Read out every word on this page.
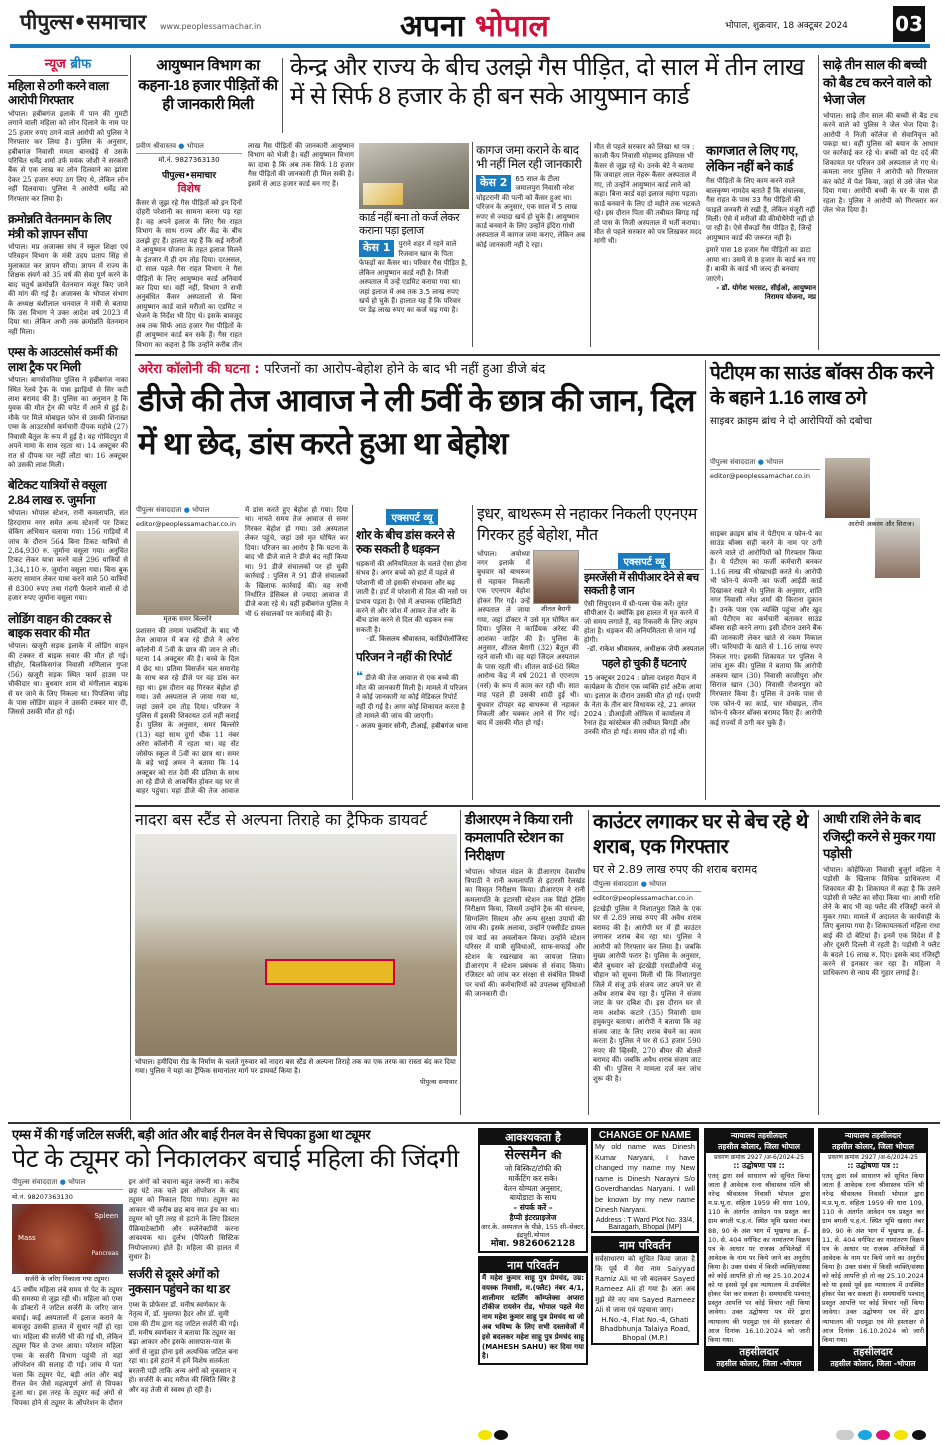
पीपुल्स•समाचार www.peoplessamachar.in	अपना भोपाल	भोपाल, शुक्रवार, 18 अक्टूबर 2024 03
न्यूज ब्रीफ
महिला से ठगी करने वाला आरोपी गिरफ्तार
भोपाल। हबीबगंज इलाके में पान की गुमटी लगाने वाली महिला को लोन दिलाने के नाम पर 25 हजार रुपए ठगने वाले आरोपी को पुलिस ने गिरफ्तार कर लिया है। पुलिस के अनुसार, हबीबगंज निवासी ममता बानखेड़े से उसके परिचित धर्मेंद्र शर्मा उर्फ मयंक जोशी ने सरकारी बैंक से एक लाख का लोन दिलवाने का झांसा देकर 25 हजार रुपए ठग लिए थे, लेकिन लोन नहीं दिलवाया। पुलिस ने आरोपी धर्मेंद्र को गिरफ्तार कर लिया है।
क्रमोन्नति वेतनमान के लिए मंत्री को ज्ञापन सौंपा
भोपाल। मप्र अजाक्स संघ ने स्कूल शिक्षा एवं परिवहन विभाग के मंत्री उदय प्रताप सिंह से मुलाकात कर ज्ञापन सौंपा। ज्ञापन में राज्य के शिक्षक संवर्ग को 35 वर्ष की सेवा पूर्ण करने के बाद चतुर्थ क्रमोन्नति वेतनमान मंजूर किए जाने की मांग की गई है। अजाक्स के भोपाल संभाग के अध्यक्ष बंशीलाल धनवाल ने मंत्री से बताया कि उस विभाग ने उक्त आदेश वर्ष 2023 में दिया था। लेकिन अभी तक क्रमोन्नति वेतनमान नहीं मिला।
एम्स के आउटसोर्स कर्मी की लाश ट्रैक पर मिली
भोपाल। बागसेवनिया पुलिस ने हबीबगंज नाका स्थित रेलवे ट्रैक के पास झाड़ियों से सिर कटी लाश बरामद की है। पुलिस का अनुमान है कि युवक की मौत ट्रेन की चपेट में आने से हुई है। मौके पर मिले मोबाइल फोन से उसकी शिनाख्त एम्स के आउटसोर्स कर्मचारी दीपक महोबे (27) निवासी बैतूल के रूप में हुई है। वह गोविंदपुरा में अपने मामा के साथ रहता था। 14 अक्टूबर की रात से दीपक घर नहीं लौटा था। 16 अक्टूबर को उसकी लाश मिली।
बेटिकट यात्रियों से वसूला 2.84 लाख रु. जुर्माना
भोपाल। भोपाल स्टेशन, रानी कमलापति, संत हिरदाराम नगर समेत अन्य स्टेशनों पर टिकट चेकिंग अभियान चलाया गया। 156 गाड़ियों में जांच के दौरान 564 बिना टिकट यात्रियों से 2,84,930 रु. जुर्माना वसूला गया। अनुचित टिकट लेकर यात्रा करने वाले 296 यात्रियों से 1,34,110 रु. जुर्माना वसूला गया। बिना बुक कराए सामान लेकर यात्रा करने वाले 50 यात्रियों से 8300 रुपए तथा गंदगी फैलाने वालों से दो हजार रुपए जुर्माना वसूला गया।
लोडिंग वाहन की टक्कर से बाइक सवार की मौत
भोपाल। खजूरी सड़क इलाके में लोडिंग वाहन की टक्कर से बाइक सवार की मौत हो गई। सीहोर, बिलकिसगंज निवासी मणिलाल गुप्ता (56) खजूरी सड़क स्थित फार्म हाउस पर चौकीदार था। बुधवार शाम वो मंगीलाल बाइक से घर जाने के लिए निकला था। पिपलिया जोड़ के पास लोडिंग वाहन ने उसकी टक्कर मार दी, जिससे उसकी मौत हो गई।
आयुष्मान विभाग का कहना-18 हजार पीड़ितों की ही जानकारी मिली
केन्द्र और राज्य के बीच उलझे गैस पीड़ित, दो साल में तीन लाख में से सिर्फ 8 हजार के ही बन सके आयुष्मान कार्ड
प्रवीण श्रीवास्तव ● भोपाल
मो.नं. 9827363130
पीपुल्स•समाचार
विशेष
कैंसर से जूझ रहे गैस पीड़ितों को इन दिनों दोहरी परेशानी का सामना करना पड़ रहा है। वह अपने इलाज के लिए गैस राहत विभाग के साथ राज्य और केंद्र के बीच उलझे हुए हैं। हालात यह हैं कि कई मरीजों ने आयुष्मान योजना के तहत इलाज मिलने के इंतजार में ही दम तोड़ दिया। दरअसल, दो साल पहले गैस राहत विभाग ने गैस पीड़ितों के लिए आयुष्मान कार्ड अनिवार्य कर दिया था। वहीं नहीं, विभाग ने सभी अनुबंधित कैंसर अस्पतालों से बिना आयुष्मान कार्ड वाले मरीजों का एडमिट न भेजने के निर्देश भी दिए थे। इसके बावजूद अब तक सिर्फ आठ हजार गैस पीड़ितों के ही आयुष्मान कार्ड बन सके हैं। गैस राहत विभाग का कहना है कि उन्होंने करीब तीन लाख गैस पीड़ितों की जानकारी आयुष्मान विभाग को भेजी है। वहीं आयुष्मान विभाग का दावा है कि अब तक सिर्फ 18 हजार गैस पीड़ितों की जानकारी ही मिल सकी है। इसमें से आठ हजार कार्ड बन गए हैं।
कार्ड नहीं बना तो कर्ज लेकर कराना पड़ा इलाज
केस 1	पुराने शहर में रहने वाले रिजवान खान के पिता फेफड़ों का कैंसर था। परिवार गैस पीड़ित है, लेकिन आयुष्मान कार्ड नहीं है। निजी अस्पताल में उन्हें एडमिट कराया गया था। जहां इलाज में अब तक 3.5 लाख रुपए खर्च हो चुके हैं। हालात यह हैं कि परिवार पर डेढ़ लाख रुपए का कर्ज चढ़ गया है।
कागज जमा कराने के बाद भी नहीं मिल रही जानकारी
केस 2	65 साल के टीला जमालपुरा निवासी नरेश चोइटरानी की पत्नी को कैंसर हुआ था। परिजन के अनुसार, एक साल में 5 लाख रुपए से ज्यादा खर्च हो चुके हैं। आयुष्मान कार्ड बनवाने के लिए उन्होंने इंदिरा गांधी अस्पताल में कागज जमा कराए, लेकिन अब कोई जानकारी नहीं दे रहा।
मौत से पहले सरकार को लिखा था पत्र : काजी कैंप निवासी मोहम्मद इलियास भी कैंसर से जूझ रहे थे। उनके बेटे ने बताया कि जवाहर लाल नेहरू कैंसर अस्पताल में गए, तो उन्होंने आयुष्मान कार्ड लाने को कहा। बिना कार्ड वहां इलाज महंगा पड़ता। कार्ड बनवाने के लिए दो महीने तक भटकते रहे। इस दौरान पिता की तबीयत बिगड़ गई तो पास के निजी अस्पताल में भर्ती कराया। मौत से पहले सरकार को पत्र लिखकर मदद मांगी थी।
कागजात ले लिए गए, लेकिन नहीं बने कार्ड
गैस पीड़ितों के लिए काम करने वाले बालकृष्ण नामदेव बताते हैं कि संचालक, गैस राहत के पास 33 गैस पीड़ितों की फाइलें जनवरी से रखी हैं, लेकिन मंजूरी नहीं मिली। ऐसे में मरीजों की कीमोथैरेपी नहीं हो पा रही है। ऐसे सैकड़ों गैस पीड़ित हैं, जिन्हें आयुष्मान कार्ड की जरूरत नहीं है।
इमारे पास 18 हजार गैस पीड़ितों का डाटा आया था। उसमें से 8 हजार के कार्ड बन गए हैं। बाकी के कार्ड भी जल्द ही बनवाए जाएंगे।
- डॉ. योगेश भरसट, सीईओ, आयुष्मान निरामय योजना, मप्र
साढ़े तीन साल की बच्ची को बैड टच करने वाले को भेजा जेल
भोपाल। साढ़े तीन साल की बच्ची से बैड टच करने वाले को पुलिस ने जेल भेज दिया है। आरोपी ने निजी कॉलेज से सेवानिवृत्त को पकड़ा था। वहीं पुलिस को बयान के आधार पर कार्रवाई कर रहे थे। बच्ची को पेट दर्द की शिकायत पर परिजन उसे अस्पताल ले गए थे। कमला नगर पुलिस ने आरोपी को गिरफ्तार कर कोर्ट में पेश किया, जहां से उसे जेल भेज दिया गया। आरोपी बच्ची के घर के पास ही रहता है। पुलिस ने आरोपी को गिरफ्तार कर जेल भेज दिया है।
अरेरा कॉलोनी की घटना : परिजनों का आरोप-बेहोश होने के बाद भी नहीं हुआ डीजे बंद
डीजे की तेज आवाज ने ली 5वीं के छात्र की जान, दिल में था छेद, डांस करते हुआ था बेहोश
पीपुल्स संवाददाता ● भोपाल
editor@peoplessamachar.co.in
मृतक समर बिल्लोरे
प्रशासन की तमाम पाबंदियों के बाद भी तेज आवाज में बज रहे डीजे ने अरेरा कॉलोनी में 5वीं के छात्र की जान ले ली। घटना 14 अक्टूबर की है। बच्चे के दिल में छेद था। प्रतिमा विसर्जन चल समारोह के साथ बज रहे डीजे पर वह डांस कर रहा था। इस दौरान वह गिरकर बेहोश हो गया। उसे अस्पताल ले जाया गया था, जहां उसने दम तोड़ दिया। परिजन ने पुलिस में इसकी शिकायत दर्ज नहीं कराई है। पुलिस के अनुसार, समर बिल्लोरे (13) यहां साथ दुर्गा चौक 11 नंबर अरेरा कॉलोनी में रहता था। वह सेंट जोसेफ स्कूल में 5वीं का छात्र था। समर के बड़े भाई अमन ने बताया कि 14 अक्टूबर को रात देवी की प्रतिमा के साथ आ रहे डीजे से आकर्षित होकर वह घर से बाहर पहुंचा। यहां डीजे की तेज आवाज में डांस करते हुए बेहोश हो गया। दिया था। नाचते समय तेज आवाज से समर गिरकर बेहोश हो गया। उसे अस्पताल लेकर पहुंचे, जहां उसे मृत घोषित कर दिया। परिजन का आरोप है कि घटना के बाद भी डीजे वाले ने डीजे बंद नहीं किया था। 91 डीजे संचालकों पर हो चुकी कार्रवाई : पुलिस ने 91 डीजे संचालकों के खिलाफ कार्रवाई की। वह सभी निर्धारित डेसिबल से ज्यादा आवाज में डीजे बजा रहे थे। वहीं हबीबगंज पुलिस ने भी 6 संचालकों पर कार्रवाई की है।
एक्सपर्ट व्यू
शोर के बीच डांस करने से रुक सकती है धड़कन
धड़कनों की अनियमितता के चलते ऐसा होना संभव है। अगर बच्चे को हार्ट में पहले से परेशानी थी तो इसकी संभावना और बढ़ जाती है। हार्ट में परेशानी से दिल की नसों पर प्रभाव पड़ता है। ऐसे में अचानक एक्टिविटी करने से और जोश में आकर तेज शोर के बीच डांस करने से दिल की धड़कन रुक सकती है।
-डॉ. किसलय श्रीवास्तव, कार्डियोलॉजिस्ट
परिजन ने नहीं की रिपोर्ट
❝ डीजे की तेज आवाज से एक बच्चे की मौत की जानकारी मिली है। मामले में परिजन ने कोई जानकारी या कोई मेडिकल रिपोर्ट नहीं दी गई है। अगर कोई शिकायत करता है तो मामले की जांच की जाएगी।
- अजय कुमार सोनी, टीआई, हबीबगंज थाना
इधर, बाथरूम से नहाकर निकली एएनएम गिरकर हुई बेहोश, मौत
शीतल बैरागी
भोपाल। अयोध्या नगर इलाके में बुधवार को बाथरूम से नहाकर निकली एक एएनएम बेहोश होकर गिर गई। उन्हें अस्पताल ले जाया गया, जहां डॉक्टर ने उसे मृत घोषित कर दिया। पुलिस ने कार्डियक अरेस्ट की आशंका जाहिर की है। पुलिस के अनुसार, शीतल बैरागी (32) बैतूल की रहने वाली थी। वह यहां जिंदल अस्पताल के पास रहती थी। शीतल वार्ड-68 स्थित आरोग्य केंद्र में वर्ष 2021 से एएनएम (नर्स) के रूप में काम कर रही थीं। सात माह पहले ही उसकी शादी हुई थी। बुधवार दोपहर वह बाथरूम से नहाकर निकली और चक्कर आने से गिर गई। बाद में उसकी मौत हो गई।
एक्सपर्ट व्यू
इमरजेंसी में सीपीआर देने से बच सकती है जान
ऐसी सिचुएशन में थ्री-पल्स चेक करें। तुरंत सीपीआर दें। क्योंकि इस हालत में मृत करने में जो समय लगाते हैं, वह रिकवरी के लिए अहम होता है। धड़कन की अनियमितता से जान गई होगी।
-डॉ. राकेश श्रीवास्तव, अधीक्षक जेपी अस्पताल
पहले हो चुकी हैं घटनाएं
15 अक्टूबर 2024 : छोला दशहरा मैदान में कार्यक्रम के दौरान एक व्यक्ति हार्ट अटैक आया था। इलाज के दौरान उसकी मौत हो गई। एमपी के नेता के तीन बार विधायक रहे, 21 अगस्त 2024 : डीआईजी ऑफिस में कार्यालय में रैनात हेड कांस्टेबल की तबीयत बिगड़ी और उनकी मौत हो गई। समय मौत हो गई थी।
पेटीएम का साउंड बॉक्स ठीक करने के बहाने 1.16 लाख ठगे
साइबर क्राइम ब्रांच ने दो आरोपियों को दबोचा
पीपुल्स संवाददाता ● भोपाल
editor@peoplessamachar.co.in
आरोपी अकरम और सिराज।
साइबर क्राइम ब्रांच ने पेटीएम व फोन-पे का साउंड बॉक्स सही करने के नाम पर ठगी करने वाले दो आरोपियों को गिरफ्तार किया है। ये पेटीएम का फर्जी कर्मचारी बनकर 1.16 लाख की धोखाधड़ी करते थे। आरोपी भी फोन-पे कंपनी का फर्जी आईडी कार्ड दिखाकर रखते थे। पुलिस के अनुसार, शांति नगर निवासी नरेश शर्मा की किराना दुकान है। उनके पास एक व्यक्ति पहुंचा और खुद को पेटीएम का कर्मचारी बताकर साउंड बॉक्स सही करने लगा। इसी दौरान उसने बैंक की जानकारी लेकर खाते से रकम निकाल ली। फरियादी के खाते से 1.16 लाख रुपए निकल गए। इसकी शिकायत पर पुलिस ने जांच शुरू की। पुलिस ने बताया कि आरोपी अकरम खान (30) निवासी काजीपुरा और सिराज खान (30) निवासी रोशनपुरा को गिरफ्तार किया है। पुलिस ने उनके पास से एक फोन-पे का कार्ड, चार मोबाइल, तीन फोन-पे स्कैनर बॉक्स बरामद किए हैं। आरोपी कई राज्यों में ठगी कर चुके हैं।
नादरा बस स्टैंड से अल्पना तिराहे का ट्रैफिक डायवर्ट
भोपाल। हमीदिया रोड के निर्माण के चलते गुरुवार को नादरा बस स्टैंड से अल्पना तिराहे तक का एक तरफ का रास्ता बंद कर दिया गया। पुलिस ने यहां का ट्रैफिक समानांतर मार्ग पर डायवर्ट किया है।
पीपुल्स समाचार
डीआरएम ने किया रानी कमलापति स्टेशन का निरीक्षण
भोपाल। भोपाल मंडल के डीआरएम देवाशीष त्रिपाठी ने रानी कमलापति से इटारसी रेलखंड का विस्तृत निरीक्षण किया। डीआरएम ने रानी कमलापति के इटारसी स्टेशन तक विंडो ट्रेलिंग निरीक्षण किया, जिसमें उन्होंने ट्रैक की संरचना, सिग्नलिंग सिस्टम और अन्य सुरक्षा उपायों की जांच की। इसके अलावा, उन्होंने एक्सीडेंट डायल एवं यार्ड का अवलोकन किया। उन्होंने स्टेशन परिसर में यात्री सुविधाओं, साफ-सफाई और स्टेशन के रखरखाव का जायजा लिया। डीआरएम ने स्टेशन प्रबंधक से संवाद किया। रजिस्टर को जांच कर संरक्षा से संबंधित विषयों पर चर्चा की। कर्मचारियों को उपलब्ध सुविधाओं की जानकारी दी।
काउंटर लगाकर घर से बेच रहे थे शराब, एक गिरफ्तार
घर से 2.89 लाख रुपए की शराब बरामद
पीपुल्स संवाददाता ● भोपाल
editor@peoplessamachar.co.in
इंटखेड़ी पुलिस ने निशातपुरा जिले के एक घर से 2.89 लाख रुपए की अवैध शराब बरामद की है। आरोपी घर में ही काउंटर लगाकर शराब बेच रहा था। पुलिस ने आरोपी को गिरफ्तार कर लिया है। जबकि मुख्य आरोपी फरार है। पुलिस के अनुसार, बीते बुधवार को इंटखेड़ी एसडीओपी मंजू चौहान को सूचना मिली थी कि निशातपुरा जिले में संजू उर्फ संजय जाट अपने घर से अवैध शराब बेच रहा है। पुलिस ने संजय जाट के घर दबिश दी। इस दौरान घर से नाम अशोक कटारे (35) निवासी ग्राम हमुकपुर बताया। आरोपी ने बताया कि वह संजय जाट के लिए शराब बेचने का काम करता है। पुलिस ने घर से 63 हजार 590 रुपए की व्हिस्की, 270 बीयर की बोतलें बरामद कीं। जबकि अवैध शराब संजय जाट की थी। पुलिस ने मामला दर्ज कर जांच शुरू की है।
आधी राशि लेने के बाद रजिस्ट्री करने से मुकर गया पड़ोसी
भोपाल। कोहेफिजा निवासी बुजुर्ग महिला ने पड़ोसी के खिलाफ विधिक प्राधिकरण में शिकायत की है। शिकायत में कहा है कि उसने पड़ोसी से फ्लैट का सौदा किया था। आधी राशि लेने के बाद भी वह फ्लैट की रजिस्ट्री करने से मुकर गया। मामले में अदालत के कार्यवाही के लिए बुलाया गया है। शिकायतकर्ता महिला राधा बाई की दो बेटियां हैं। इनमें एक विदेश में है और दूसरी दिल्ली में रहती है। पड़ोसी ने फ्लैट के बदले 16 लाख रु. दिए। इसके बाद रजिस्ट्री करने से इनकार कर रहा है। महिला ने प्राधिकरण से न्याय की गुहार लगाई है।
एम्स में की गई जटिल सर्जरी, बड़ी आंत और बाई रीनल वेन से चिपका हुआ था ट्यूमर
पेट के ट्यूमर को निकालकर बचाई महिला की जिंदगी
पीपुल्स संवाददाता ● भोपाल
मो.नं. 98207363130
Mass
Spleen
Pancreas
सर्जरी के जरिए निकाला गया ट्यूमर।
45 वर्षीय महिला लंबे समय से पेट के ट्यूमर की समस्या से जूझ रही थी। महिला को एम्स के डॉक्टरों ने जटिल सर्जरी के जरिए जान बचाई। कई अस्पतालों में इलाज कराने के बावजूद उसकी हालत में सुधार नहीं हो रहा था। महिला की सर्जरी भी की गई थी, लेकिन ट्यूमर फिर से उभर आया। परेशान महिला एम्स के सर्जरी विभाग पहुंची तो यहां ऑपरेशन की सलाह दी गई। जांच में पता चला कि ट्यूमर पेट, बड़ी आंत और बाई रीनल वेन जैसे महत्वपूर्ण अंगों से चिपका हुआ था। इस तरह के ट्यूमर कई अंगों से चिपका होने से ट्यूमर के ऑपरेशन के दौरान इन अंगों को बचाना बहुत जरूरी था। करीब छह घंटे तक चले इस ऑपरेशन के बाद ट्यूमर को निकाल दिया गया। ट्यूमर का आकार भी करीब छह बाय सात इंच का था। ट्यूमर को पूरी तरह से हटाने के लिए डिस्टल पैंक्रियाटेक्टॉमी और स्प्लेनेक्टॉमी करना आवश्यक था। दुर्लभ (पैपिलरी सिस्टिक नियोप्लाज्म) होते हैं। महिला की हालत में सुधार है।
सर्जरी से दूसरे अंगों को नुकसान पहुंचने का था डर
एम्स के प्रोफेसर डॉ. मनीष स्वर्णकार के नेतृत्व में, डॉ. मुस्तफा हैदर और डॉ. सुमी दास की टीम द्वारा यह जटिल सर्जरी की गई। डॉ. मनीष स्वर्णकार ने बताया कि ट्यूमर का बढ़ा आकार और इसके आसपास-पास के अंगों से जुड़ा होना इसे अत्यधिक जटिल बना रहा था। इसे हटाने में हमें विशेष सतर्कता बरतनी पड़ी ताकि अन्य अंगों को नुकसान न हो। सर्जरी के बाद मरीज की स्थिति स्थिर है और वह तेजी से स्वस्थ हो रही है।
आवश्यकता है
सेल्समैन की
जो बिस्किट/टॉफी की
मार्केटिंग कर सके।
वेतन योग्यता अनुसार,
बायोडाटा के साथ
– संपर्क करें –
हैप्पी इंटरप्राइजेज
आर.के. अस्पताल के पीछे, 155 सी–सेक्टर, इंद्रपुरी,भोपाल
मोबा. 9826062128
नाम परिवर्तन
मैं महेश कुमार साहू पुत्र प्रेमचंद, उम्र: वयस्क निवासी, म.(फ्लैट) नंबर 4/1, शालीमार स्टर्लिंग कॉम्प्लेक्स अप्सरा टॉकीज रायसेन रोड, भोपाल पहले मेरा नाम महेश कुमार साहू पुत्र प्रेमचंद था जो अब भविष्य के लिए सभी दस्तावेजों में इसे बदलकर महेश साहू पुत्र प्रेमचंद साहू (MAHESH SAHU) कर दिया गया है।
CHANGE OF NAME
My old name was Dinesh Kumar Naryani, I have changed my name my New name is Dinesh Narayni S/o Goverdhandas Naryani. I will be known by my new name Dinesh Naryani.
Address : T Ward Plot No. 33/4, Bairagarh, Bhopal (MP)
नाम परिवर्तन
सर्वसाधारण को सूचित किया जाता है कि पूर्व में मेरा नाम Saiyyad Ramiz Ali था जो बदलकर Sayed Rameez Ali हो गया है। अतः अब मुझे मेरे नए नाम Sayed Rameez Ali से जाना एवं पहचाना जाए।
H.No.-4, Flat No.-4, Ghati Bhadbhunja Talaiya Road, Bhopal (M.P.)
न्यायालय तहसीलदार
तहसील कोलार, जिला भोपाल
प्रकरण क्रमांक 2927 /अ-6/2024-25
:: उद्घोषणा पत्र ::
एतद् द्वारा सर्व साधारण को सूचित किया जाता है आवेदक रत्ना श्रीवास्तव पत्नि श्री नरेन्द्र श्रीवास्तव निवासी भोपाल द्वारा म.प्र.भू.रा. संहिता 1959 की धारा 109, 110 के अंतर्गत आवेदन पत्र प्रस्तुत कर ग्राम बगली प.ह.नं. स्थित भूमि खसरा नंबर 88, 90 के अंश भाग में भूखण्ड क्र. ई–10, से. 404 वर्गफिट का नामांतरण विक्रय पत्र के आधार पर राजस्व अभिलेखों में आवेदक के नाम पर किये जाने का अनुरोध किया है। उक्त संबंध में किसी व्यक्ति/संस्था को कोई आपत्ति हो तो वह 25.10.2024 को या इससे पूर्व इस न्यायालय में उपस्थित होकर पेश कर सकता है। समयावधि पश्चात् प्रस्तुत आपत्ति पर कोई विचार नहीं किया जावेगा। उक्त उद्घोषणा पत्र मेरे द्वारा न्यायालय की पदमुद्रा एवं मेरे हस्ताक्षर से आज दिनांक 16.10.2024 को जारी किया गया।
तहसीलदार
तहसील कोलार, जिला -भोपाल
न्यायालय तहसीलदार
तहसील कोलार, जिला भोपाल
प्रकरण क्रमांक 2927 /अ-6/2024-25
:: उद्घोषणा पत्र ::
एतद् द्वारा सर्व साधारण को सूचित किया जाता है आवेदक रत्ना श्रीवास्तव पत्नि श्री नरेन्द्र श्रीवास्तव निवासी भोपाल द्वारा म.प्र.भू.रा. संहिता 1959 की धारा 109, 110 के अंतर्गत आवेदन पत्र प्रस्तुत कर ग्राम बगली प.ह.नं. स्थित भूमि खसरा नंबर 89, 90 के अंश भाग में भूखण्ड क्र. ई–11, से. 404 वर्गफिट का नामांतरण विक्रय पत्र के आधार पर राजस्व अभिलेखों में आवेदक के नाम पर किये जाने का अनुरोध किया है। उक्त संबंध में किसी व्यक्ति/संस्था को कोई आपत्ति हो तो वह 25.10.2024 को या इससे पूर्व इस न्यायालय में उपस्थित होकर पेश कर सकता है। समयावधि पश्चात् प्रस्तुत आपत्ति पर कोई विचार नहीं किया जावेगा। उक्त उद्घोषणा पत्र मेरे द्वारा न्यायालय की पदमुद्रा एवं मेरे हस्ताक्षर से आज दिनांक 16.10.2024 को जारी किया गया।
तहसीलदार
तहसील कोलार, जिला -भोपाल
